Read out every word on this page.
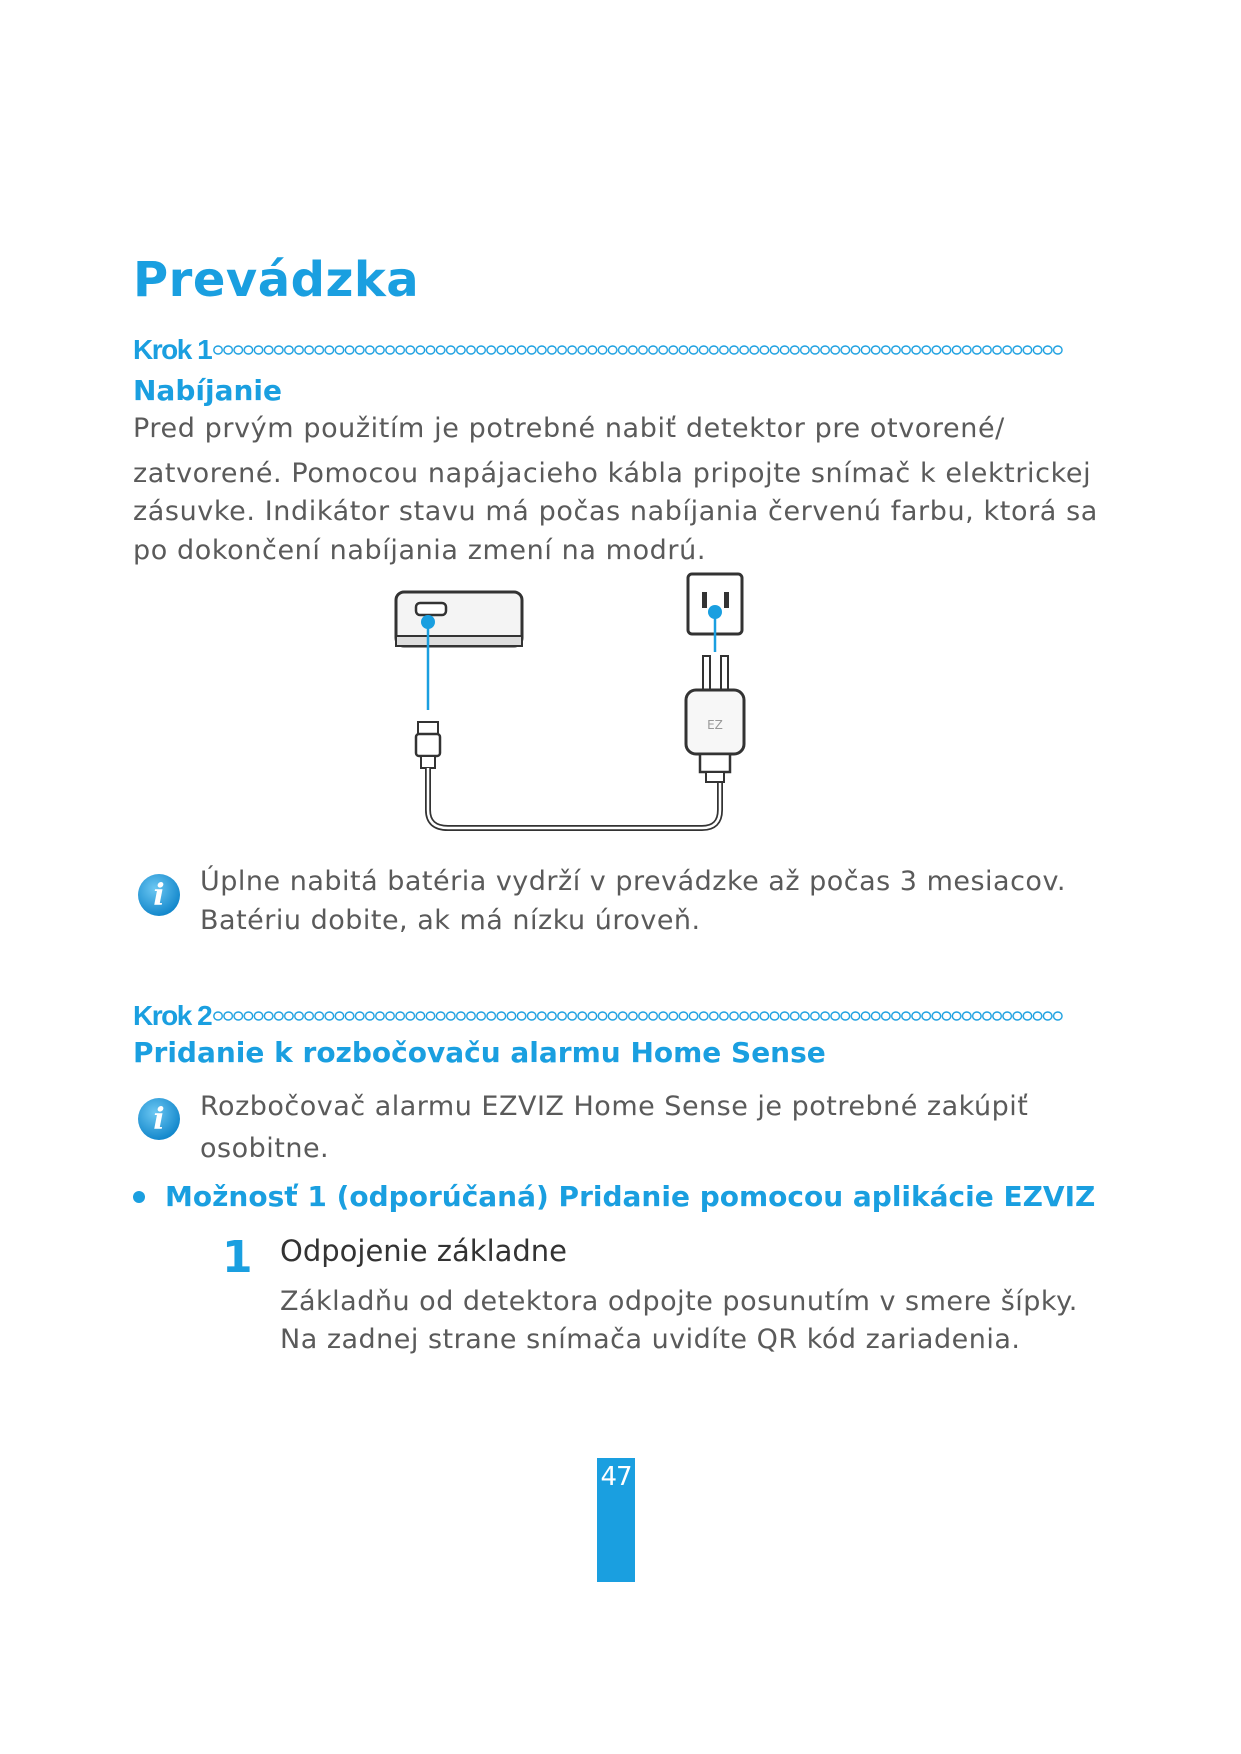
Prevádzka
Krok 1
Nabíjanie

Pred prvým použitím je potrebné nabiť detektor pre otvorené/

zatvorené. Pomocou napájacieho kábla pripojte snímač k elektrickej

zásuvke. Indikátor stavu má počas nabíjania červenú farbu, ktorá sa

po dokončení nabíjania zmení na modrú.

EZ
i Úplne nabitá batéria vydrží v prevádzke až počas 3 mesiacov.

Batériu dobite, ak má nízku úroveň.

Krok 2
Pridanie k rozbočovaču alarmu Home Sense
i Rozbočovač alarmu EZVIZ Home Sense je potrebné zakúpiť

osobitne.

Možnosť 1 (odporúčaná) Pridanie pomocou aplikácie EZVIZ
1 Odpojenie základne

Základňu od detektora odpojte posunutím v smere šípky.

Na zadnej strane snímača uvidíte QR kód zariadenia.

47
